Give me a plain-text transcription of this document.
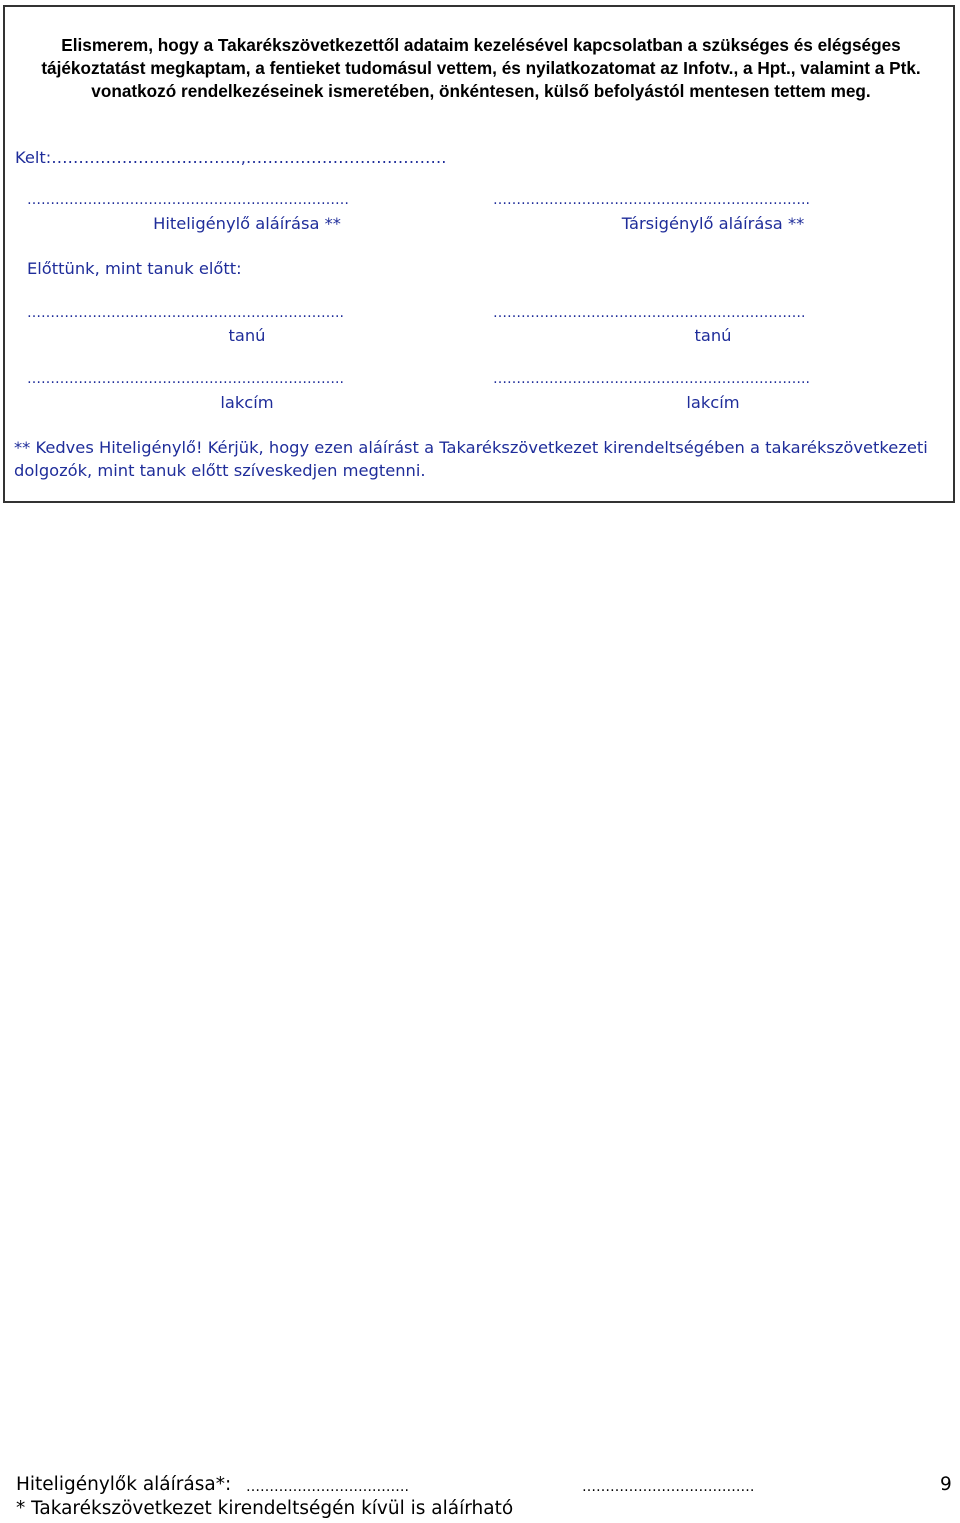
Elismerem, hogy a Takarékszövetkezettől adataim kezelésével kapcsolatban a szükséges és elégséges tájékoztatást megkaptam, a fentieket tudomásul vettem, és nyilatkozatomat az Infotv., a Hpt., valamint a Ptk. vonatkozó rendelkezéseinek ismeretében, önkéntesen, külső befolyástól mentesen tettem meg.
Kelt:……………………………..,……………………………….
……………………………………………………………	…………………………………………………………..
Hiteligénylő aláírása **	Társigénylő aláírása **
Előttünk, mint tanuk előtt:
…………………………………………………………..	………………………………………………………….
tanú	tanú
…………………………………………………………..	…………………………………………………………..
lakcím	lakcím
** Kedves Hiteligénylő! Kérjük, hogy ezen aláírást a Takarékszövetkezet kirendeltségében a takarékszövetkezeti dolgozók, mint tanuk előtt szíveskedjen megtenni.
Hiteligénylők aláírása*: ……………………….…….	…………………….…………	9
* Takarékszövetkezet kirendeltségén kívül is aláírható
